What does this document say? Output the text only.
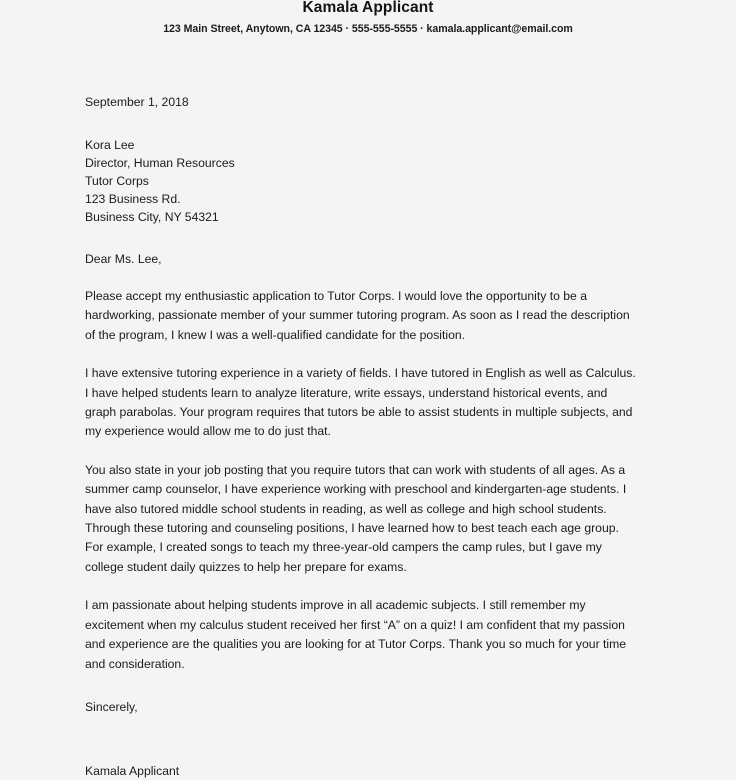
Kamala Applicant
123 Main Street, Anytown, CA 12345 · 555-555-5555 · kamala.applicant@email.com
September 1, 2018
Kora Lee
Director, Human Resources
Tutor Corps
123 Business Rd.
Business City, NY 54321
Dear Ms. Lee,

Please accept my enthusiastic application to Tutor Corps. I would love the opportunity to be a hardworking, passionate member of your summer tutoring program. As soon as I read the description of the program, I knew I was a well-qualified candidate for the position.

I have extensive tutoring experience in a variety of fields. I have tutored in English as well as Calculus. I have helped students learn to analyze literature, write essays, understand historical events, and graph parabolas. Your program requires that tutors be able to assist students in multiple subjects, and my experience would allow me to do just that.

You also state in your job posting that you require tutors that can work with students of all ages. As a summer camp counselor, I have experience working with preschool and kindergarten-age students. I have also tutored middle school students in reading, as well as college and high school students. Through these tutoring and counseling positions, I have learned how to best teach each age group. For example, I created songs to teach my three-year-old campers the camp rules, but I gave my college student daily quizzes to help her prepare for exams.

I am passionate about helping students improve in all academic subjects. I still remember my excitement when my calculus student received her first “A” on a quiz! I am confident that my passion and experience are the qualities you are looking for at Tutor Corps. Thank you so much for your time and consideration.

Sincerely,
Kamala Applicant
